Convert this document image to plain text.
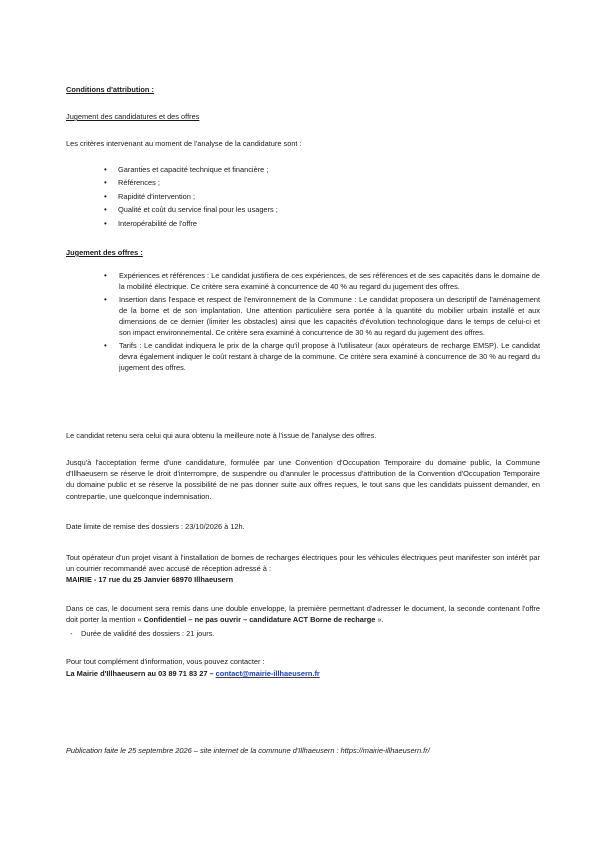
Conditions d'attribution :
Jugement des candidatures et des offres
Les critères intervenant au moment de l'analyse de la candidature sont :
• Garanties et capacité technique et financière ;
• Références ;
• Rapidité d'intervention ;
• Qualité et coût du service final pour les usagers ;
• Interopérabilité de l'offre
Jugement des offres :
• Expériences et références : Le candidat justifiera de ces expériences, de ses références et de ses capacités dans le domaine de la mobilité électrique. Ce critère sera examiné à concurrence de 40 % au regard du jugement des offres.
• Insertion dans l'espace et respect de l'environnement de la Commune : Le candidat proposera un descriptif de l'aménagement de la borne et de son implantation. Une attention particulière sera portée à la quantité du mobilier urbain installé et aux dimensions de ce dernier (limiter les obstacles) ainsi que les capacités d'évolution technologique dans le temps de celui-ci et son impact environnemental. Ce critère sera examiné à concurrence de 30 % au regard du jugement des offres.
• Tarifs : Le candidat indiquera le prix de la charge qu'il propose à l'utilisateur (aux opérateurs de recharge EMSP). Le candidat devra également indiquer le coût restant à charge de la commune. Ce critère sera examiné à concurrence de 30 % au regard du jugement des offres.
Le candidat retenu sera celui qui aura obtenu la meilleure note à l'issue de l'analyse des offres.
Jusqu'à l'acceptation ferme d'une candidature, formulée par une Convention d'Occupation Temporaire du domaine public, la Commune d'Illhaeusern se réserve le droit d'interrompre, de suspendre ou d'annuler le processus d'attribution de la Convention d'Occupation Temporaire du domaine public et se réserve la possibilité de ne pas donner suite aux offres reçues, le tout sans que les candidats puissent demander, en contrepartie, une quelconque indemnisation.
Date limite de remise des dossiers : 23/10/2026 à 12h.
Tout opérateur d'un projet visant à l'installation de bornes de recharges électriques pour les véhicules électriques peut manifester son intérêt par un courrier recommandé avec accusé de réception adressé à :
MAIRIE - 17 rue du 25 Janvier 68970 Illhaeusern
Dans ce cas, le document sera remis dans une double enveloppe, la première permettant d'adresser le document, la seconde contenant l'offre doit porter la mention « Confidentiel – ne pas ouvrir – candidature ACT Borne de recharge ».
- Durée de validité des dossiers : 21 jours.
Pour tout complément d'information, vous pouvez contacter :
La Mairie d'Illhaeusern au 03 89 71 83 27 – contact@mairie-illhaeusern.fr
Publication faite le 25 septembre 2026 – site internet de la commune d'Illhaeusern : https://mairie-illhaeusern.fr/
